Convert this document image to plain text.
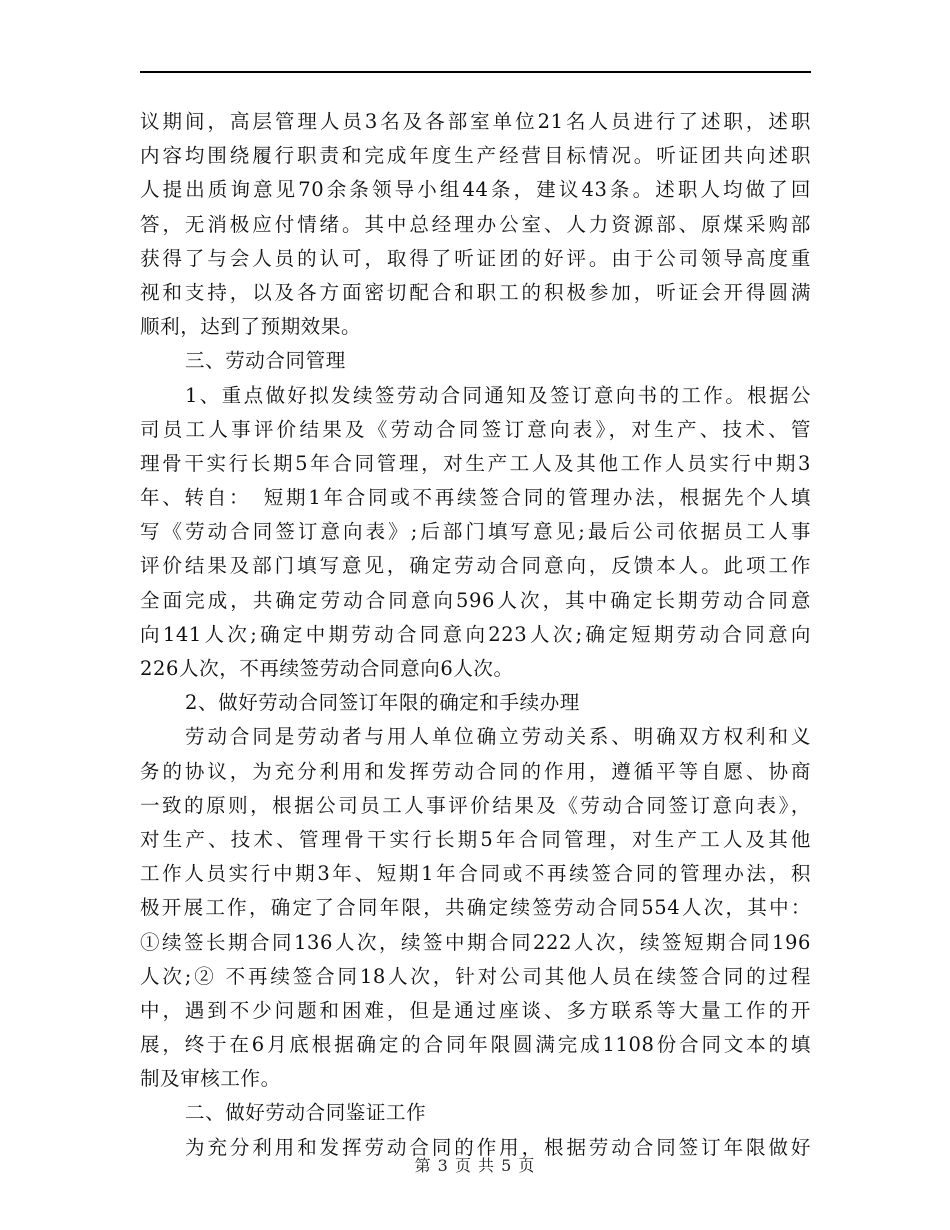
议期间，高层管理人员3名及各部室单位21名人员进行了述职，述职
内容均围绕履行职责和完成年度生产经营目标情况。听证团共向述职
人提出质询意见70余条领导小组44条，建议43条。述职人均做了回
答，无消极应付情绪。其中总经理办公室、人力资源部、原煤采购部
获得了与会人员的认可，取得了听证团的好评。由于公司领导高度重
视和支持，以及各方面密切配合和职工的积极参加，听证会开得圆满
顺利，达到了预期效果。
三、劳动合同管理
1、重点做好拟发续签劳动合同通知及签订意向书的工作。根据公
司员工人事评价结果及《劳动合同签订意向表》，对生产、技术、管
理骨干实行长期5年合同管理，对生产工人及其他工作人员实行中期3
年、转自：　短期1年合同或不再续签合同的管理办法，根据先个人填
写《劳动合同签订意向表》;后部门填写意见;最后公司依据员工人事
评价结果及部门填写意见，确定劳动合同意向，反馈本人。此项工作
全面完成，共确定劳动合同意向596人次，其中确定长期劳动合同意
向141人次;确定中期劳动合同意向223人次;确定短期劳动合同意向
226人次，不再续签劳动合同意向6人次。
2、做好劳动合同签订年限的确定和手续办理
劳动合同是劳动者与用人单位确立劳动关系、明确双方权利和义
务的协议，为充分利用和发挥劳动合同的作用，遵循平等自愿、协商
一致的原则，根据公司员工人事评价结果及《劳动合同签订意向表》，
对生产、技术、管理骨干实行长期5年合同管理，对生产工人及其他
工作人员实行中期3年、短期1年合同或不再续签合同的管理办法，积
极开展工作，确定了合同年限，共确定续签劳动合同554人次，其中：
①续签长期合同136人次，续签中期合同222人次，续签短期合同196
人次;② 不再续签合同18人次，针对公司其他人员在续签合同的过程
中，遇到不少问题和困难，但是通过座谈、多方联系等大量工作的开
展，终于在6月底根据确定的合同年限圆满完成1108份合同文本的填
制及审核工作。
二、做好劳动合同鉴证工作
为充分利用和发挥劳动合同的作用，根据劳动合同签订年限做好
第 3 页 共 5 页
